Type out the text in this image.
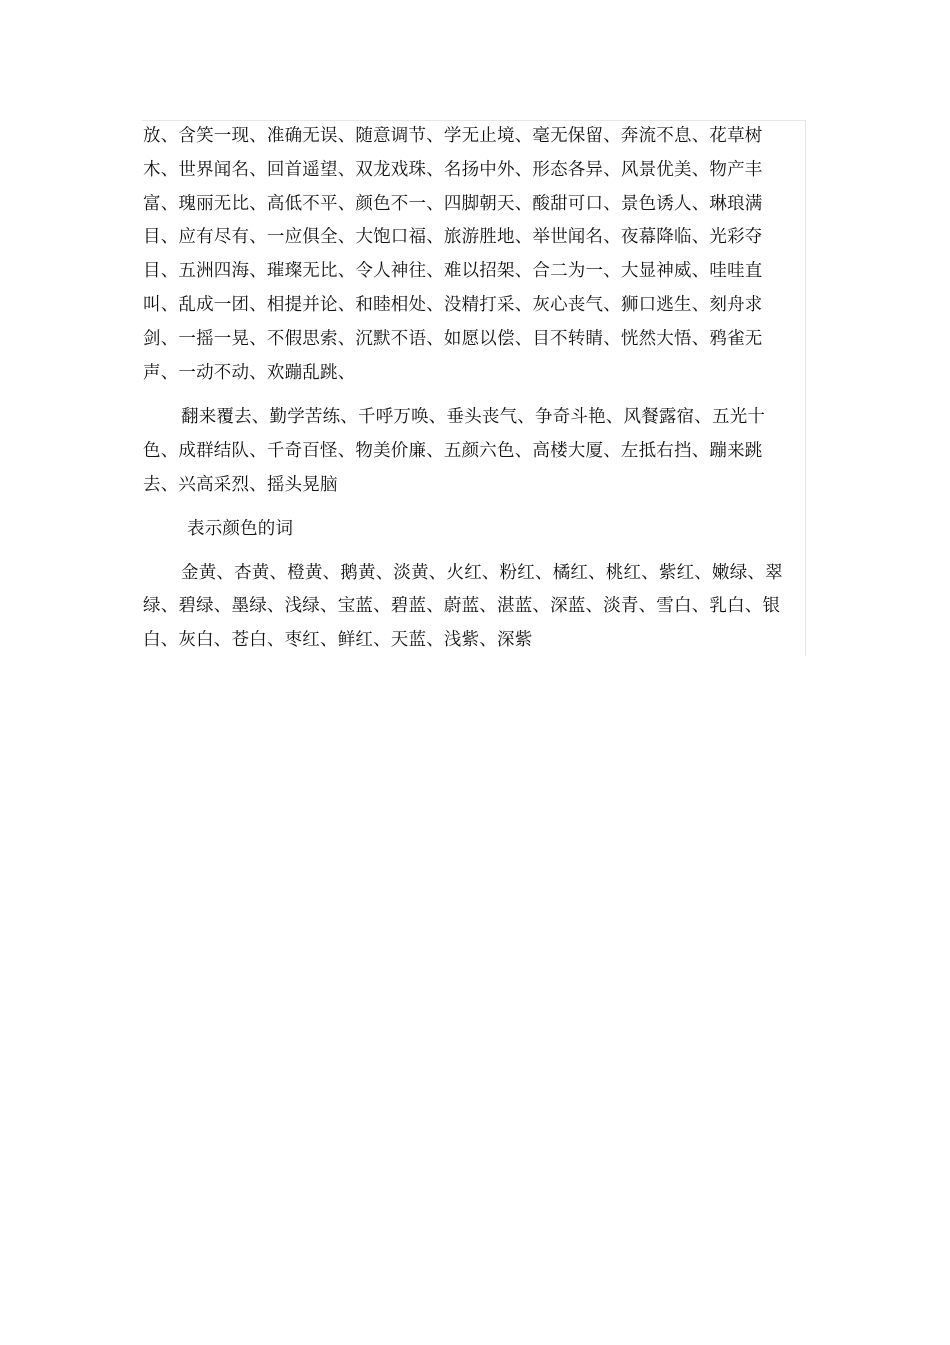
放、含笑一现、准确无误、随意调节、学无止境、毫无保留、奔流不息、花草树木、世界闻名、回首遥望、双龙戏珠、名扬中外、形态各异、风景优美、物产丰富、瑰丽无比、高低不平、颜色不一、四脚朝天、酸甜可口、景色诱人、琳琅满目、应有尽有、一应俱全、大饱口福、旅游胜地、举世闻名、夜幕降临、光彩夺目、五洲四海、璀璨无比、令人神往、难以招架、合二为一、大显神威、哇哇直叫、乱成一团、相提并论、和睦相处、没精打采、灰心丧气、狮口逃生、刻舟求剑、一摇一晃、不假思索、沉默不语、如愿以偿、目不转睛、恍然大悟、鸦雀无声、一动不动、欢蹦乱跳、

翻来覆去、勤学苦练、千呼万唤、垂头丧气、争奇斗艳、风餐露宿、五光十色、成群结队、千奇百怪、物美价廉、五颜六色、高楼大厦、左抵右挡、蹦来跳去、兴高采烈、摇头晃脑

表示颜色的词

金黄、杏黄、橙黄、鹅黄、淡黄、火红、粉红、橘红、桃红、紫红、嫩绿、翠绿、碧绿、墨绿、浅绿、宝蓝、碧蓝、蔚蓝、湛蓝、深蓝、淡青、雪白、乳白、银白、灰白、苍白、枣红、鲜红、天蓝、浅紫、深紫
